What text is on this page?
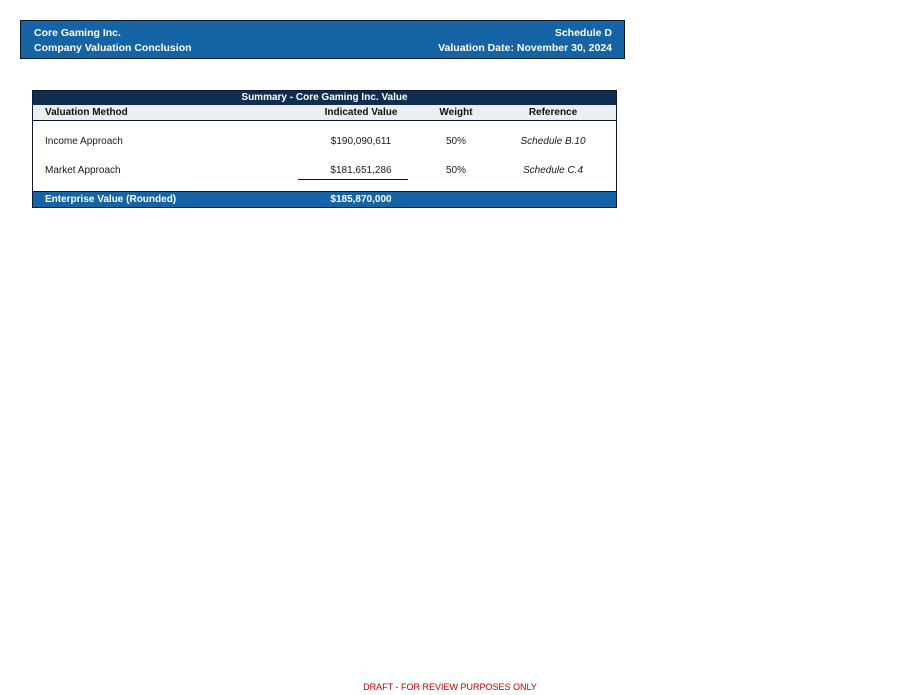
Core Gaming Inc.
Company Valuation Conclusion
Schedule D
Valuation Date: November 30, 2024
Summary - Core Gaming Inc. Value
Valuation Method	Indicated Value	Weight	Reference
Income Approach	$190,090,611	50%	Schedule B.10
Market Approach	$181,651,286	50%	Schedule C.4
Enterprise Value (Rounded)	$185,870,000
DRAFT - FOR REVIEW PURPOSES ONLY
